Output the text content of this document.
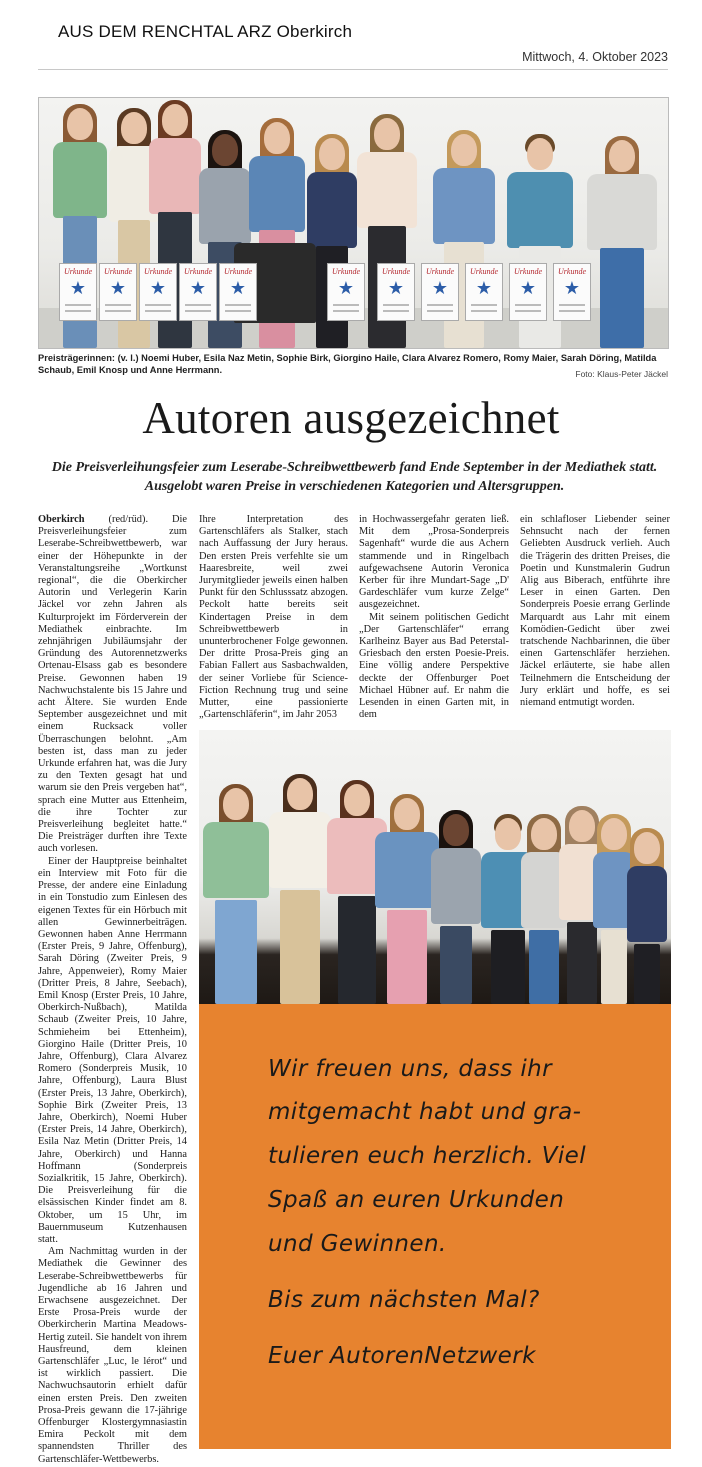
AUS DEM RENCHTAL ARZ Oberkirch
Mittwoch, 4. Oktober 2023
Urkunde
★
Urkunde
★
Urkunde
★
Urkunde
★
Urkunde
★
Urkunde
★
Urkunde
★
Urkunde
★
Urkunde
★
Urkunde
★
Urkunde
★
Preisträgerinnen: (v. l.) Noemi Huber, Esila Naz Metin, Sophie Birk, Giorgino Haile, Clara Alvarez Romero, Romy Maier, Sarah Döring, Matilda Schaub, Emil Knosp und Anne Herrmann.	Foto: Klaus-Peter Jäckel
Autoren ausgezeichnet
Die Preisverleihungsfeier zum Leserabe-Schreibwettbewerb fand Ende September in der Mediathek statt. Ausgelobt waren Preise in verschiedenen Kategorien und Altersgruppen.

Oberkirch (red/rüd). Die Preisverleihungsfeier zum Leserabe-Schreibwettbewerb, war einer der Höhepunkte in der Veranstaltungsreihe „Wortkunst regional“, die die Oberkircher Autorin und Verlegerin Karin Jäckel vor zehn Jahren als Kulturprojekt im Förderverein der Mediathek einbrachte. Im zehnjährigen Jubiläumsjahr der Gründung des Autorennetzwerks Ortenau-Elsass gab es besondere Preise. Gewonnen haben 19 Nachwuchstalente bis 15 Jahre und acht Ältere. Sie wurden Ende September ausgezeichnet und mit einem Rucksack voller Überraschungen belohnt. „Am besten ist, dass man zu jeder Urkunde erfahren hat, was die Jury zu den Texten gesagt hat und warum sie den Preis vergeben hat“, sprach eine Mutter aus Ettenheim, die ihre Tochter zur Preisverleihung begleitet hatte.“ Die Preisträger durften ihre Texte auch vorlesen.

Einer der Hauptpreise beinhaltet ein Interview mit Foto für die Presse, der andere eine Einladung in ein Tonstudio zum Einlesen des eigenen Textes für ein Hörbuch mit allen Gewinnerbeiträgen. Gewonnen haben Anne Herrmann (Erster Preis, 9 Jahre, Offenburg), Sarah Döring (Zweiter Preis, 9 Jahre, Appenweier), Romy Maier (Dritter Preis, 8 Jahre, Seebach), Emil Knosp (Erster Preis, 10 Jahre, Oberkirch-Nußbach), Matilda Schaub (Zweiter Preis, 10 Jahre, Schmieheim bei Ettenheim), Giorgino Haile (Dritter Preis, 10 Jahre, Offenburg), Clara Alvarez Romero (Sonderpreis Musik, 10 Jahre, Offenburg), Laura Blust (Erster Preis, 13 Jahre, Oberkirch), Sophie Birk (Zweiter Preis, 13 Jahre, Oberkirch), Noemi Huber (Erster Preis, 14 Jahre, Oberkirch), Esila Naz Metin (Dritter Preis, 14 Jahre, Oberkirch) und Hanna Hoffmann (Sonderpreis Sozialkritik, 15 Jahre, Oberkirch). Die Preisverleihung für die elsässischen Kinder findet am 8. Oktober, um 15 Uhr, im Bauernmuseum Kutzenhausen statt.

Am Nachmittag wurden in der Mediathek die Gewinner des Leserabe-Schreibwettbewerbs für Jugendliche ab 16 Jahren und Erwachsene ausgezeichnet. Der Erste Prosa-Preis wurde der Oberkircherin Martina Meadows-Hertig zuteil. Sie handelt von ihrem Hausfreund, dem kleinen Gartenschläfer „Luc, le lérot“ und ist wirklich passiert. Die Nachwuchsautorin erhielt dafür einen ersten Preis. Den zweiten Prosa-Preis gewann die 17-jährige Offenburger Klostergymnasiastin Emira Peckolt mit dem spannendsten Thriller des Gartenschläfer-Wettbewerbs.

Ihre Interpretation des Gartenschläfers als Stalker, stach nach Auffassung der Jury heraus. Den ersten Preis verfehlte sie um Haaresbreite, weil zwei Jurymitglieder jeweils einen halben Punkt für den Schlusssatz abzogen. Peckolt hatte bereits seit Kindertagen Preise in dem Schreibwettbewerb in ununterbrochener Folge gewonnen. Der dritte Prosa-Preis ging an Fabian Fallert aus Sasbachwalden, der seiner Vorliebe für Science-Fiction Rechnung trug und seine Mutter, eine passionierte „Gartenschläferin“, im Jahr 2053

in Hochwassergefahr geraten ließ. Mit dem „Prosa-Sonderpreis Sagenhaft“ wurde die aus Achern stammende und in Ringelbach aufgewachsene Autorin Veronica Kerber für ihre Mundart-Sage „D' Gardeschläfer vum kurze Zelge“ ausgezeichnet.

Mit seinem politischen Gedicht „Der Gartenschläfer“ errang Karlheinz Bayer aus Bad Peterstal-Griesbach den ersten Poesie-Preis. Eine völlig andere Perspektive deckte der Offenburger Poet Michael Hübner auf. Er nahm die Lesenden in einen Garten mit, in dem

ein schlafloser Liebender seiner Sehnsucht nach der fernen Geliebten Ausdruck verlieh. Auch die Trägerin des dritten Preises, die Poetin und Kunstmalerin Gudrun Alig aus Biberach, entführte ihre Leser in einen Garten. Den Sonderpreis Poesie errang Gerlinde Marquardt aus Lahr mit einem Komödien-Gedicht über zwei tratschende Nachbarinnen, die über einen Gartenschläfer herziehen. Jäckel erläuterte, sie habe allen Teilnehmern die Entscheidung der Jury erklärt und hoffe, es sei niemand entmutigt worden.

Wir freuen uns, dass ihr
mitgemacht habt und gra-
tulieren euch herzlich. Viel
Spaß an euren Urkunden
und Gewinnen.
Bis zum nächsten Mal?
Euer AutorenNetzwerk
